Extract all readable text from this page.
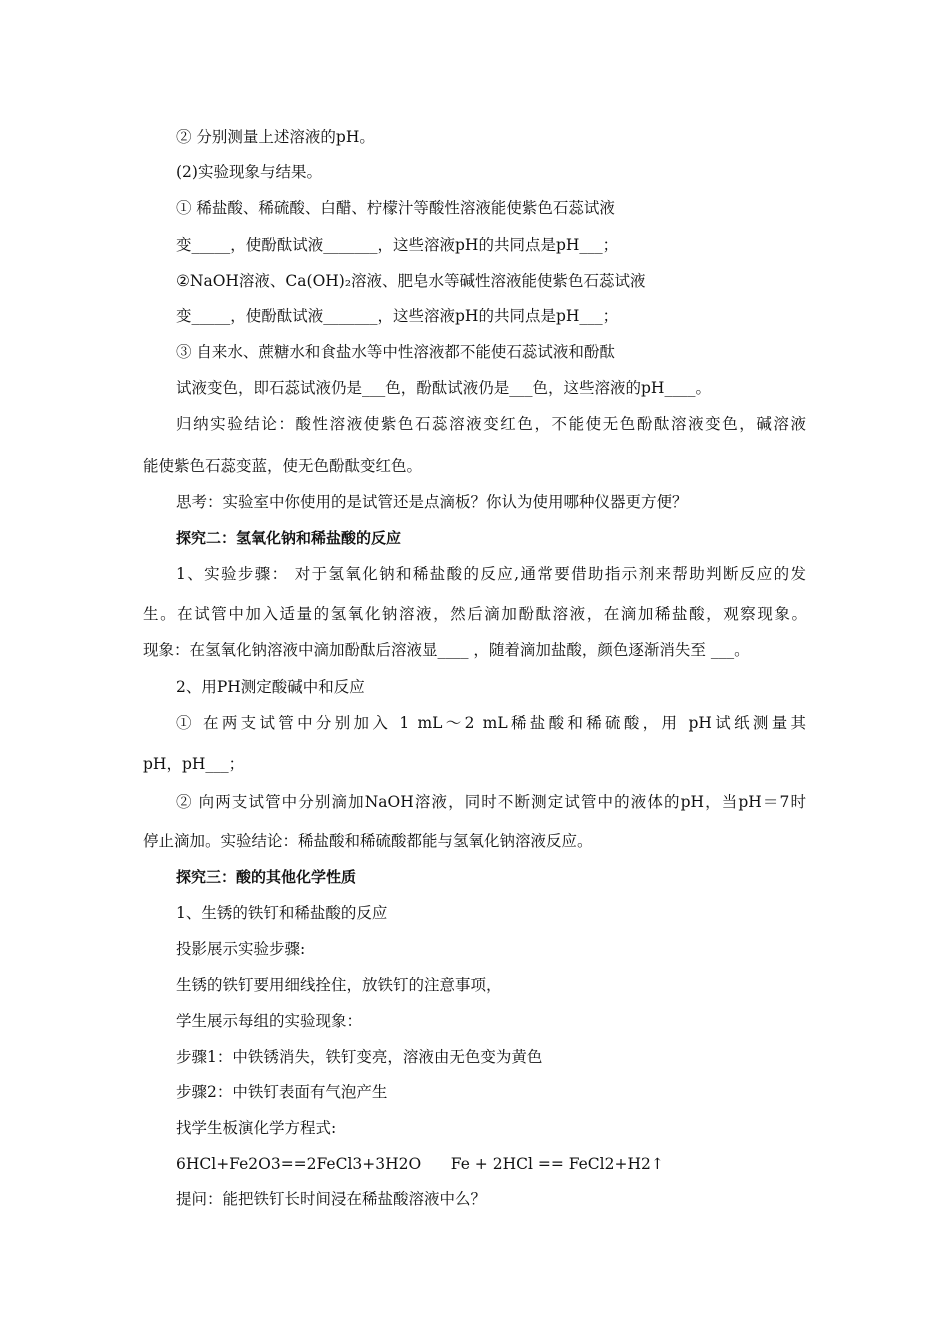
② 分别测量上述溶液的pH。
(2)实验现象与结果。
① 稀盐酸、稀硫酸、白醋、柠檬汁等酸性溶液能使紫色石蕊试液
变_____，使酚酞试液_______，这些溶液pH的共同点是pH___；
②NaOH溶液、Ca(OH)₂溶液、肥皂水等碱性溶液能使紫色石蕊试液
变_____，使酚酞试液_______，这些溶液pH的共同点是pH___；
③ 自来水、蔗糖水和食盐水等中性溶液都不能使石蕊试液和酚酞
试液变色，即石蕊试液仍是___色，酚酞试液仍是___色，这些溶液的pH____。
归纳实验结论：酸性溶液使紫色石蕊溶液变红色，不能使无色酚酞溶液变色，碱溶液
能使紫色石蕊变蓝，使无色酚酞变红色。
思考：实验室中你使用的是试管还是点滴板？你认为使用哪种仪器更方便？
探究二：氢氧化钠和稀盐酸的反应
1、实验步骤： 对于氢氧化钠和稀盐酸的反应,通常要借助指示剂来帮助判断反应的发
生。在试管中加入适量的氢氧化钠溶液，然后滴加酚酞溶液，在滴加稀盐酸，观察现象。
现象：在氢氧化钠溶液中滴加酚酞后溶液显____ ，随着滴加盐酸，颜色逐渐消失至 ___。
2、用PH测定酸碱中和反应
① 在两支试管中分别加入 1 mL～2 mL稀盐酸和稀硫酸，用 pH试纸测量其
pH，pH___；
② 向两支试管中分别滴加NaOH溶液，同时不断测定试管中的液体的pH，当pH＝7时
停止滴加。实验结论：稀盐酸和稀硫酸都能与氢氧化钠溶液反应。
探究三：酸的其他化学性质
1、生锈的铁钉和稀盐酸的反应
投影展示实验步骤:
生锈的铁钉要用细线拴住，放铁钉的注意事项，
学生展示每组的实验现象：
步骤1：中铁锈消失，铁钉变亮，溶液由无色变为黄色
步骤2：中铁钉表面有气泡产生
找学生板演化学方程式:
6HCl+Fe2O3==2FeCl3+3H2O      Fe + 2HCl == FeCl2+H2↑
提问：能把铁钉长时间浸在稀盐酸溶液中么？
